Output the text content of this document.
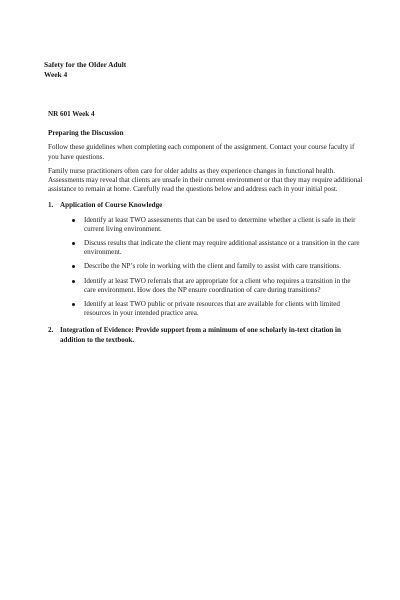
Safety for the Older Adult
Week 4
NR 601 Week 4
Preparing the Discussion

Follow these guidelines when completing each component of the assignment. Contact your course faculty if you have questions.

Family nurse practitioners often care for older adults as they experience changes in functional health. Assessments may reveal that clients are unsafe in their current environment or that they may require additional assistance to remain at home. Carefully read the questions below and address each in your initial post.

1. Application of Course Knowledge
Identify at least TWO assessments that can be used to determine whether a client is safe in their current living environment.
Discuss results that indicate the client may require additional assistance or a transition in the care environment.
Describe the NP’s role in working with the client and family to assist with care transitions.
Identify at least TWO referrals that are appropriate for a client who requires a transition in the care environment. How does the NP ensure coordination of care during transitions?
Identify at least TWO public or private resources that are available for clients with limited resources in your intended practice area.
2. Integration of Evidence: Provide support from a minimum of one scholarly in-text citation in addition to the textbook.
